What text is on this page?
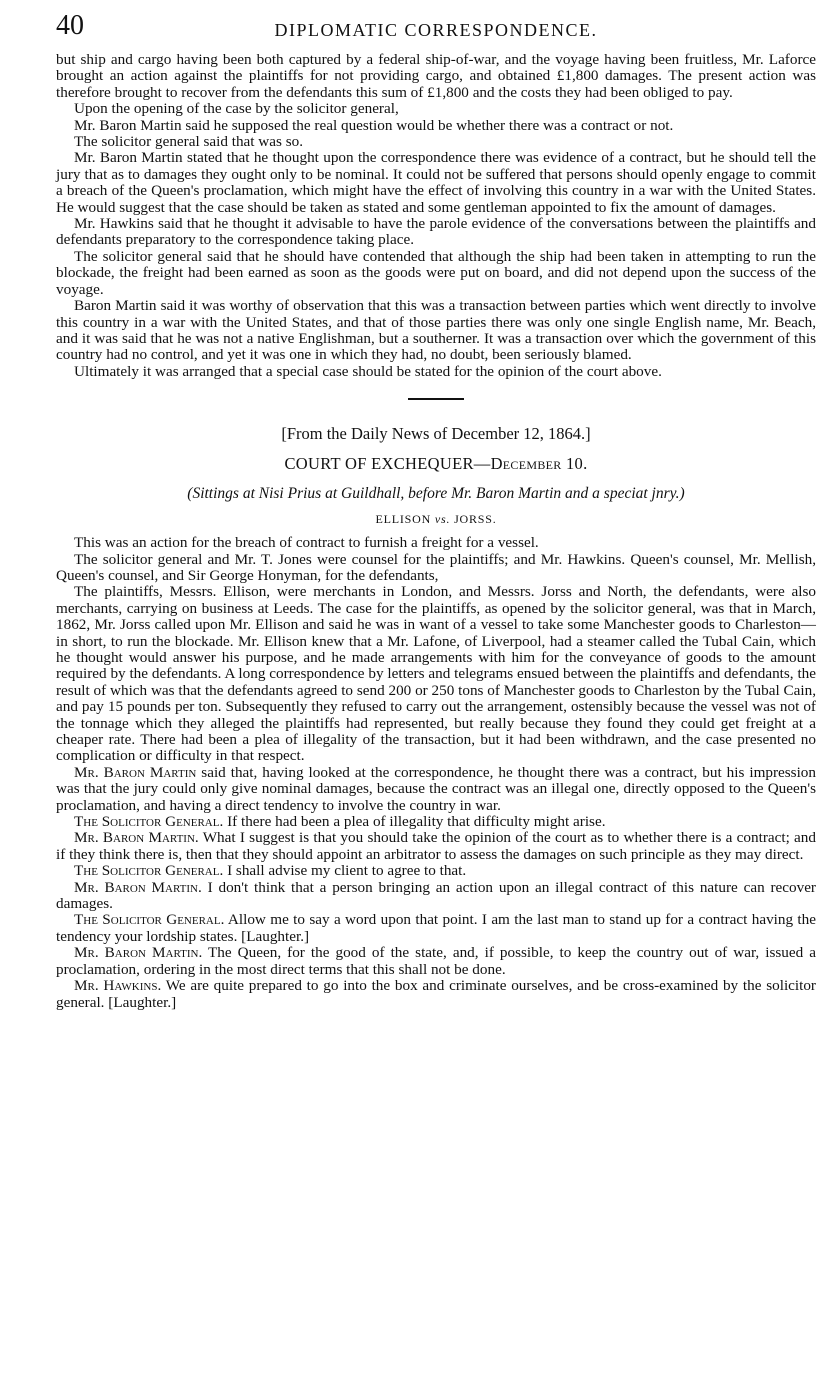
40	DIPLOMATIC CORRESPONDENCE.

but ship and cargo having been both captured by a federal ship-of-war, and the voyage having been fruitless, Mr. Laforce brought an action against the plaintiffs for not providing cargo, and obtained £1,800 damages. The present action was therefore brought to recover from the defendants this sum of £1,800 and the costs they had been obliged to pay.

Upon the opening of the case by the solicitor general,

Mr. Baron Martin said he supposed the real question would be whether there was a contract or not.

The solicitor general said that was so.

Mr. Baron Martin stated that he thought upon the correspondence there was evidence of a contract, but he should tell the jury that as to damages they ought only to be nominal. It could not be suffered that persons should openly engage to commit a breach of the Queen's proclamation, which might have the effect of involving this country in a war with the United States. He would suggest that the case should be taken as stated and some gentleman appointed to fix the amount of damages.

Mr. Hawkins said that he thought it advisable to have the parole evidence of the conversations between the plaintiffs and defendants preparatory to the correspondence taking place.

The solicitor general said that he should have contended that although the ship had been taken in attempting to run the blockade, the freight had been earned as soon as the goods were put on board, and did not depend upon the success of the voyage.

Baron Martin said it was worthy of observation that this was a transaction between parties which went directly to involve this country in a war with the United States, and that of those parties there was only one single English name, Mr. Beach, and it was said that he was not a native Englishman, but a southerner. It was a transaction over which the government of this country had no control, and yet it was one in which they had, no doubt, been seriously blamed.

Ultimately it was arranged that a special case should be stated for the opinion of the court above.

[From the Daily News of December 12, 1864.]
COURT OF EXCHEQUER—December 10.
(Sittings at Nisi Prius at Guildhall, before Mr. Baron Martin and a speciat jnry.)
ELLISON vs. JORSS.

This was an action for the breach of contract to furnish a freight for a vessel.

The solicitor general and Mr. T. Jones were counsel for the plaintiffs; and Mr. Hawkins. Queen's counsel, Mr. Mellish, Queen's counsel, and Sir George Honyman, for the defendants,

The plaintiffs, Messrs. Ellison, were merchants in London, and Messrs. Jorss and North, the defendants, were also merchants, carrying on business at Leeds. The case for the plaintiffs, as opened by the solicitor general, was that in March, 1862, Mr. Jorss called upon Mr. Ellison and said he was in want of a vessel to take some Manchester goods to Charleston—in short, to run the blockade. Mr. Ellison knew that a Mr. Lafone, of Liverpool, had a steamer called the Tubal Cain, which he thought would answer his purpose, and he made arrangements with him for the conveyance of goods to the amount required by the defendants. A long correspondence by letters and telegrams ensued between the plaintiffs and defendants, the result of which was that the defendants agreed to send 200 or 250 tons of Manchester goods to Charleston by the Tubal Cain, and pay 15 pounds per ton. Subsequently they refused to carry out the arrangement, ostensibly because the vessel was not of the tonnage which they alleged the plaintiffs had represented, but really because they found they could get freight at a cheaper rate. There had been a plea of illegality of the transaction, but it had been withdrawn, and the case presented no complication or difficulty in that respect.

Mr. Baron Martin said that, having looked at the correspondence, he thought there was a contract, but his impression was that the jury could only give nominal damages, because the contract was an illegal one, directly opposed to the Queen's proclamation, and having a direct tendency to involve the country in war.

The Solicitor General. If there had been a plea of illegality that difficulty might arise.

Mr. Baron Martin. What I suggest is that you should take the opinion of the court as to whether there is a contract; and if they think there is, then that they should appoint an arbitrator to assess the damages on such principle as they may direct.

The Solicitor General. I shall advise my client to agree to that.

Mr. Baron Martin. I don't think that a person bringing an action upon an illegal contract of this nature can recover damages.

The Solicitor General. Allow me to say a word upon that point. I am the last man to stand up for a contract having the tendency your lordship states. [Laughter.]

Mr. Baron Martin. The Queen, for the good of the state, and, if possible, to keep the country out of war, issued a proclamation, ordering in the most direct terms that this shall not be done.

Mr. Hawkins. We are quite prepared to go into the box and criminate ourselves, and be cross-examined by the solicitor general. [Laughter.]
